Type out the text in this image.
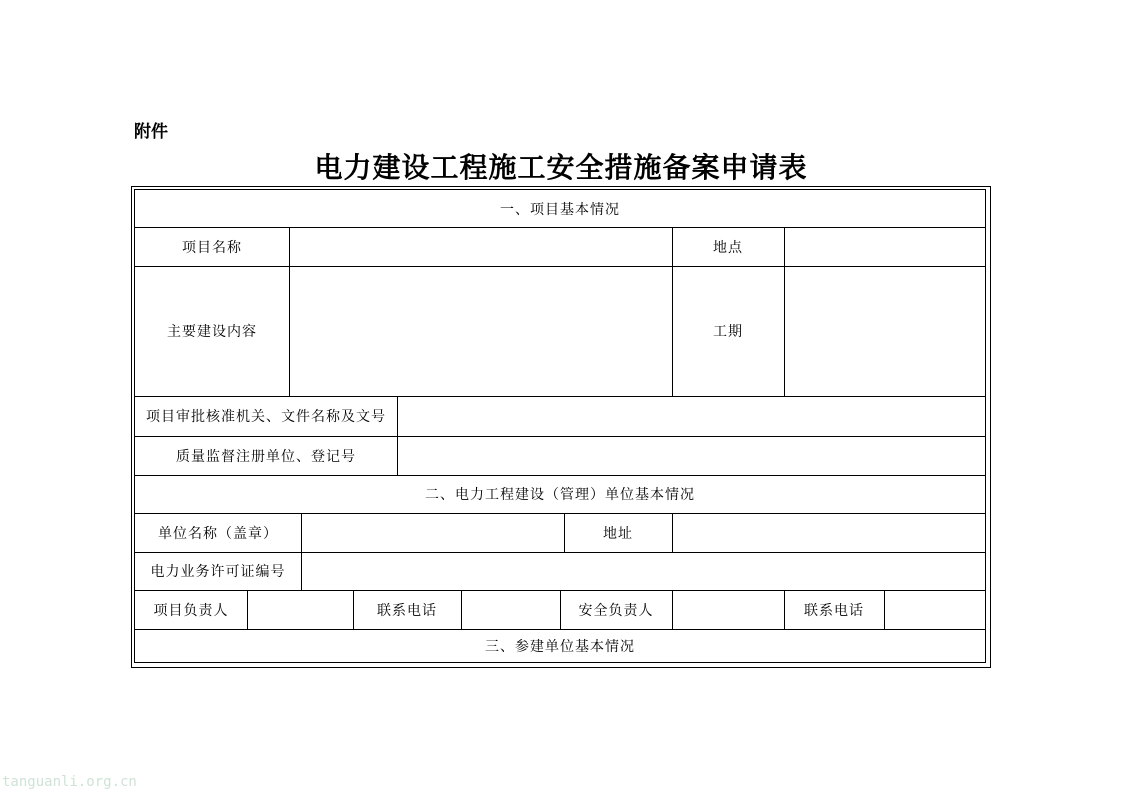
附件
电力建设工程施工安全措施备案申请表
一、项目基本情况
项目名称	地点
主要建设内容	工期
项目审批核准机关、文件名称及文号
质量监督注册单位、登记号
二、电力工程建设（管理）单位基本情况
单位名称（盖章）	地址
电力业务许可证编号
项目负责人	联系电话	安全负责人	联系电话
三、参建单位基本情况
tanguanli.org.cn
